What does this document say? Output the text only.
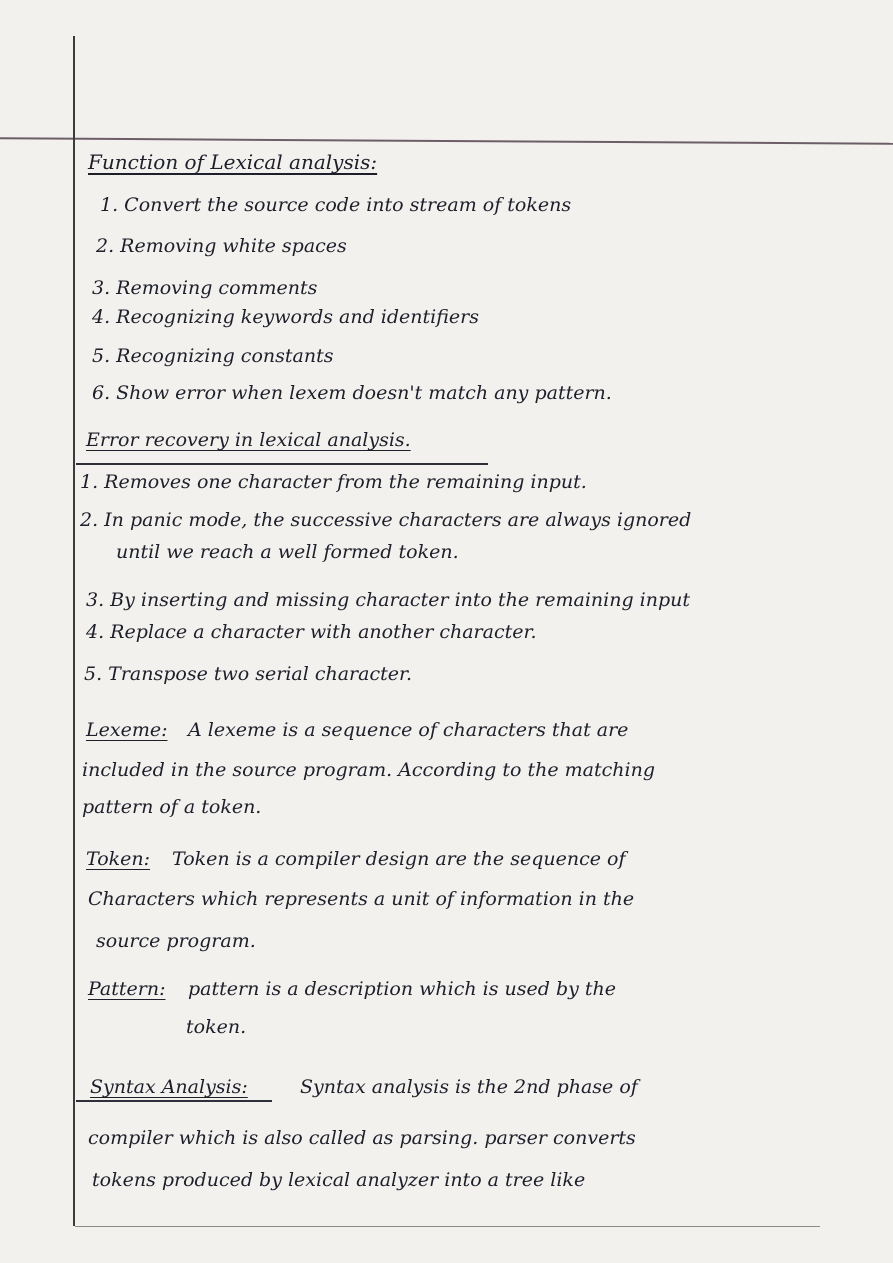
Function of Lexical analysis:
1. Convert the source code into stream of tokens
2. Removing white spaces
3. Removing comments
4. Recognizing keywords and identifiers
5. Recognizing constants
6. Show error when lexem doesn't match any pattern.
Error recovery in lexical analysis.
1. Removes one character from the remaining input.
2. In panic mode, the successive characters are always ignored
until we reach a well formed token.
3. By inserting and missing character into the remaining input
4. Replace a character with another character.
5. Transpose two serial character.
Lexeme: A lexeme is a sequence of characters that are
included in the source program. According to the matching
pattern of a token.
Token: Token is a compiler design are the sequence of
Characters which represents a unit of information in the
source program.
Pattern: pattern is a description which is used by the
token.
Syntax Analysis:	Syntax analysis is the 2nd phase of
compiler which is also called as parsing. parser converts
tokens produced by lexical analyzer into a tree like
